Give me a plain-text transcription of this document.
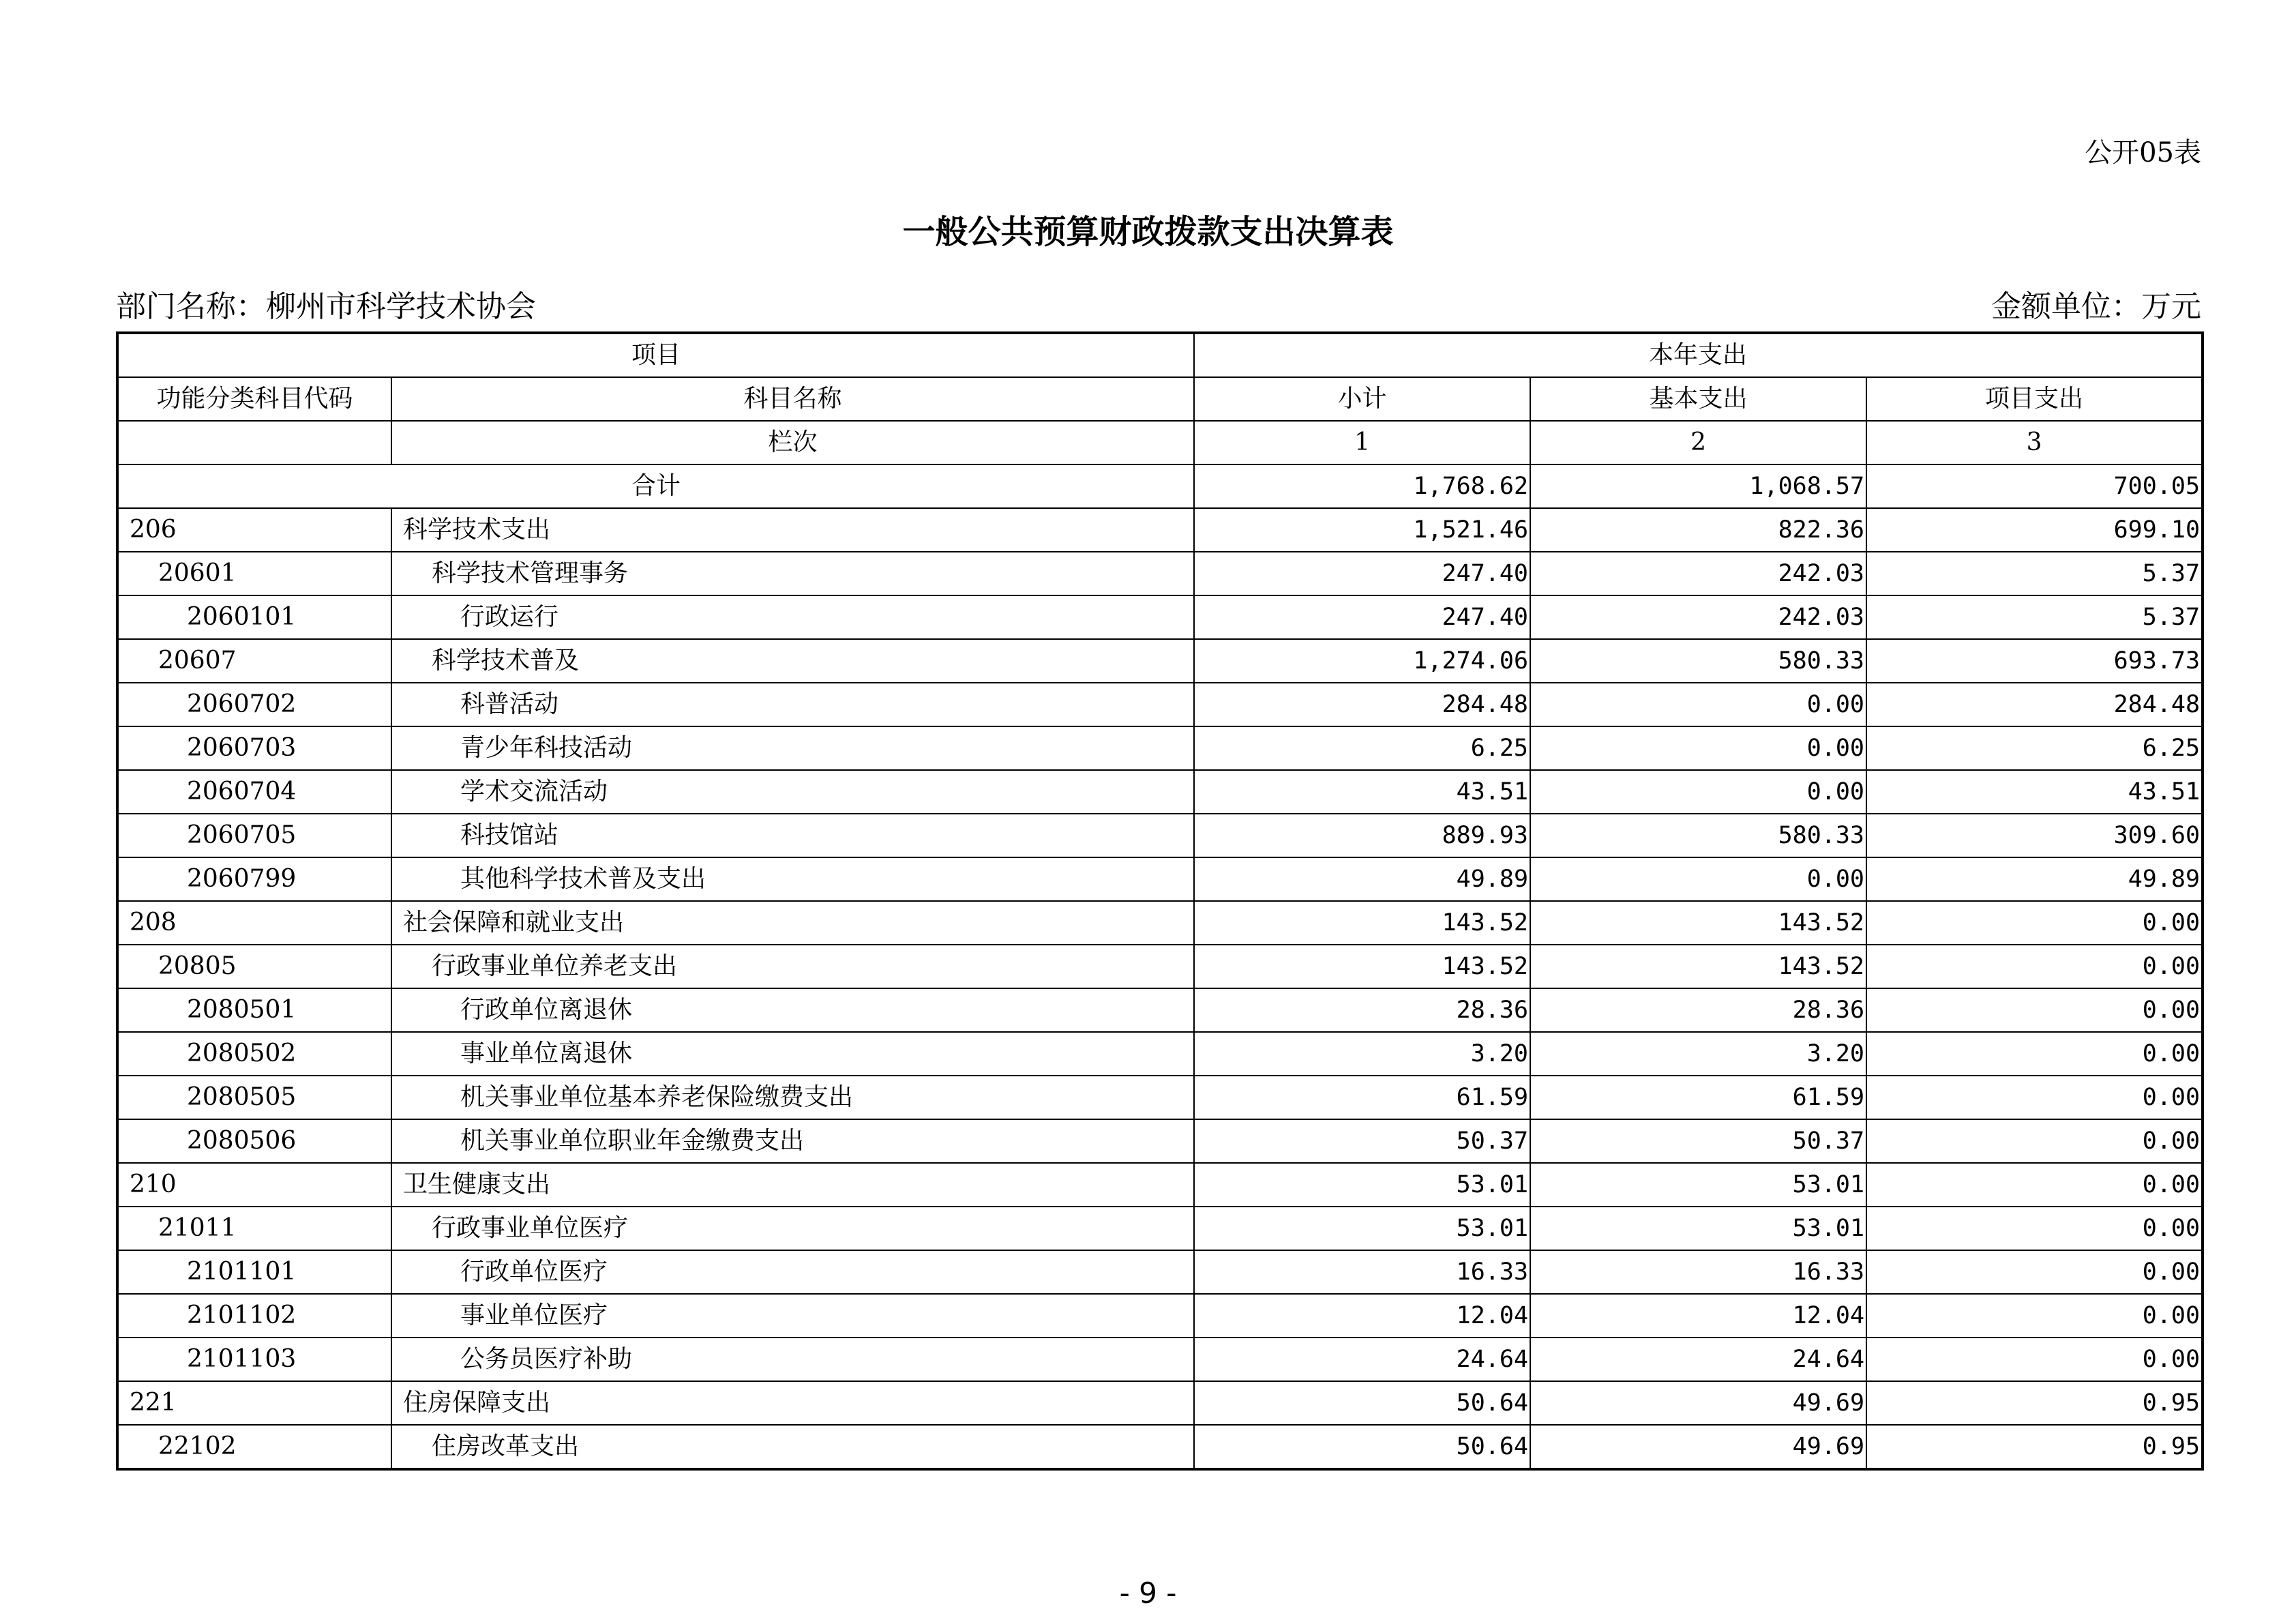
公开05表
一般公共预算财政拨款支出决算表
部门名称：柳州市科学技术协会	金额单位：万元
项目		本年支出		
功能分类科目代码	科目名称	小计	基本支出	项目支出
	栏次	1	2	3
合计		1,768.62	1,068.57	700.05
206	科学技术支出	1,521.46	822.36	699.10
20601	科学技术管理事务	247.40	242.03	5.37
2060101	行政运行	247.40	242.03	5.37
20607	科学技术普及	1,274.06	580.33	693.73
2060702	科普活动	284.48	0.00	284.48
2060703	青少年科技活动	6.25	0.00	6.25
2060704	学术交流活动	43.51	0.00	43.51
2060705	科技馆站	889.93	580.33	309.60
2060799	其他科学技术普及支出	49.89	0.00	49.89
208	社会保障和就业支出	143.52	143.52	0.00
20805	行政事业单位养老支出	143.52	143.52	0.00
2080501	行政单位离退休	28.36	28.36	0.00
2080502	事业单位离退休	3.20	3.20	0.00
2080505	机关事业单位基本养老保险缴费支出	61.59	61.59	0.00
2080506	机关事业单位职业年金缴费支出	50.37	50.37	0.00
210	卫生健康支出	53.01	53.01	0.00
21011	行政事业单位医疗	53.01	53.01	0.00
2101101	行政单位医疗	16.33	16.33	0.00
2101102	事业单位医疗	12.04	12.04	0.00
2101103	公务员医疗补助	24.64	24.64	0.00
221	住房保障支出	50.64	49.69	0.95
22102	住房改革支出	50.64	49.69	0.95
- 9 -
